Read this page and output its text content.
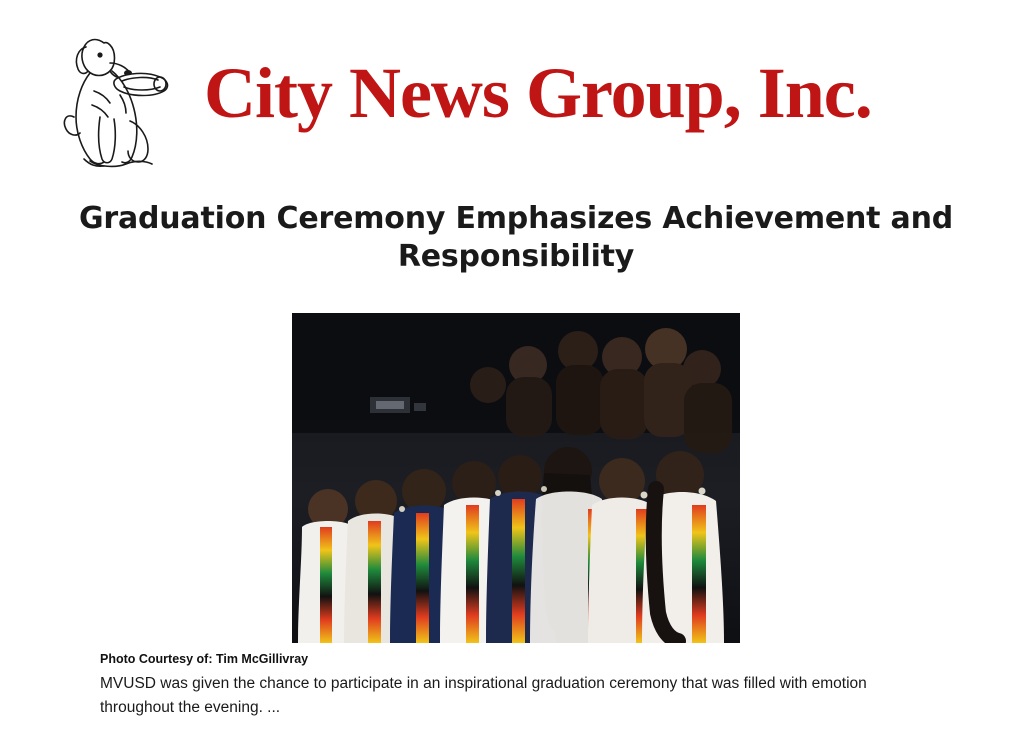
City News Group, Inc.
Graduation Ceremony Emphasizes Achievement and Responsibility
Photo Courtesy of: Tim McGillivray

MVUSD was given the chance to participate in an inspirational graduation ceremony that was filled with emotion throughout the evening. ...
